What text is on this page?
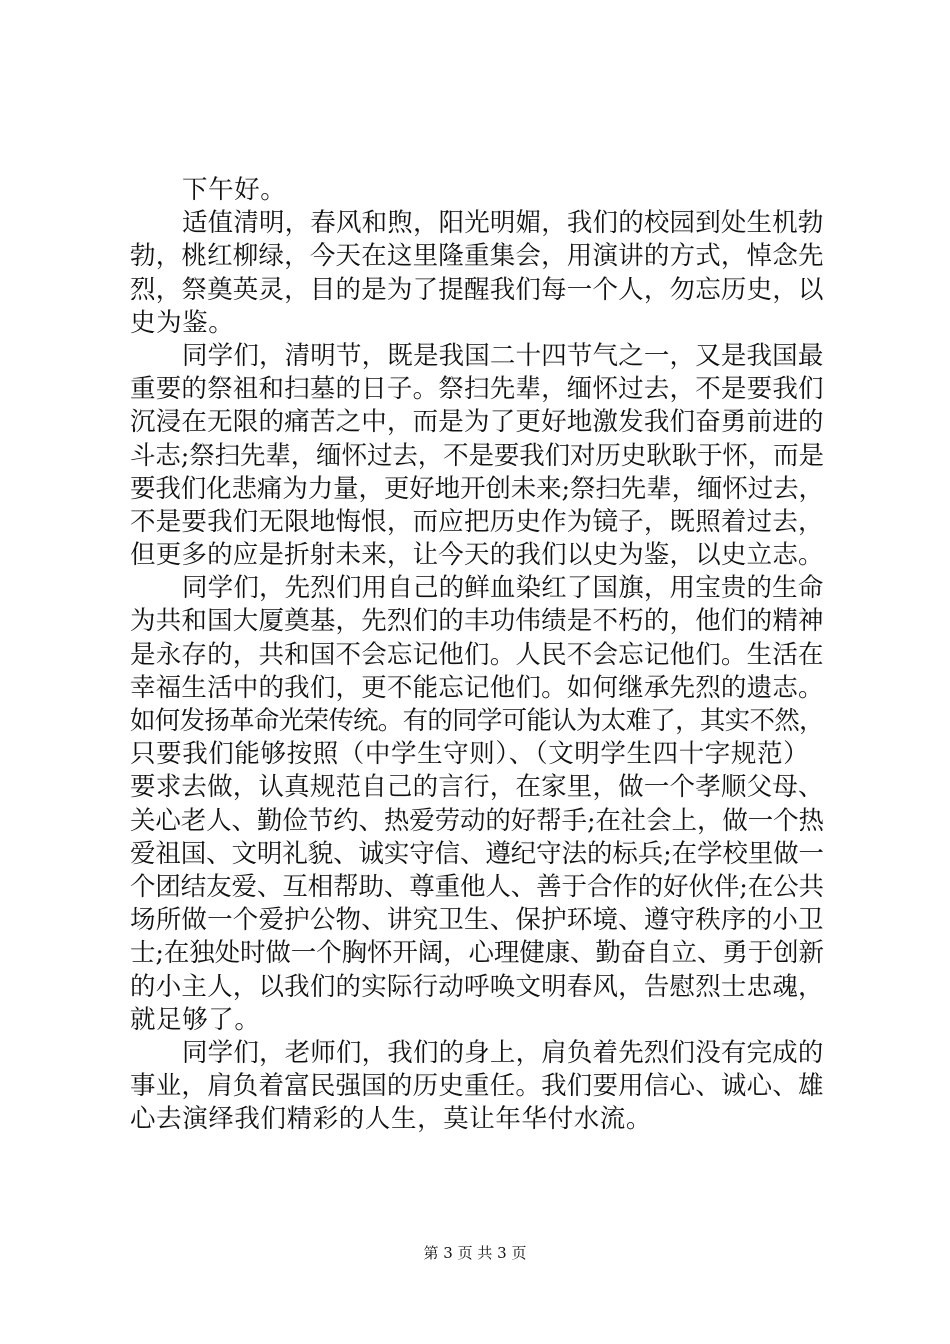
下午好。
适值清明，春风和煦，阳光明媚，我们的校园到处生机勃
勃，桃红柳绿，今天在这里隆重集会，用演讲的方式，悼念先
烈，祭奠英灵，目的是为了提醒我们每一个人，勿忘历史，以
史为鉴。
同学们，清明节，既是我国二十四节气之一，又是我国最
重要的祭祖和扫墓的日子。祭扫先辈，缅怀过去，不是要我们
沉浸在无限的痛苦之中，而是为了更好地激发我们奋勇前进的
斗志;祭扫先辈，缅怀过去，不是要我们对历史耿耿于怀，而是
要我们化悲痛为力量，更好地开创未来;祭扫先辈，缅怀过去，
不是要我们无限地悔恨，而应把历史作为镜子，既照着过去，
但更多的应是折射未来，让今天的我们以史为鉴，以史立志。
同学们，先烈们用自己的鲜血染红了国旗，用宝贵的生命
为共和国大厦奠基，先烈们的丰功伟绩是不朽的，他们的精神
是永存的，共和国不会忘记他们。人民不会忘记他们。生活在
幸福生活中的我们，更不能忘记他们。如何继承先烈的遗志。
如何发扬革命光荣传统。有的同学可能认为太难了，其实不然，
只要我们能够按照（中学生守则）、（文明学生四十字规范）
要求去做，认真规范自己的言行，在家里，做一个孝顺父母、
关心老人、勤俭节约、热爱劳动的好帮手;在社会上，做一个热
爱祖国、文明礼貌、诚实守信、遵纪守法的标兵;在学校里做一
个团结友爱、互相帮助、尊重他人、善于合作的好伙伴;在公共
场所做一个爱护公物、讲究卫生、保护环境、遵守秩序的小卫
士;在独处时做一个胸怀开阔，心理健康、勤奋自立、勇于创新
的小主人，以我们的实际行动呼唤文明春风，告慰烈士忠魂，
就足够了。
同学们，老师们，我们的身上，肩负着先烈们没有完成的
事业，肩负着富民强国的历史重任。我们要用信心、诚心、雄
心去演绎我们精彩的人生，莫让年华付水流。
第 3 页 共 3 页
